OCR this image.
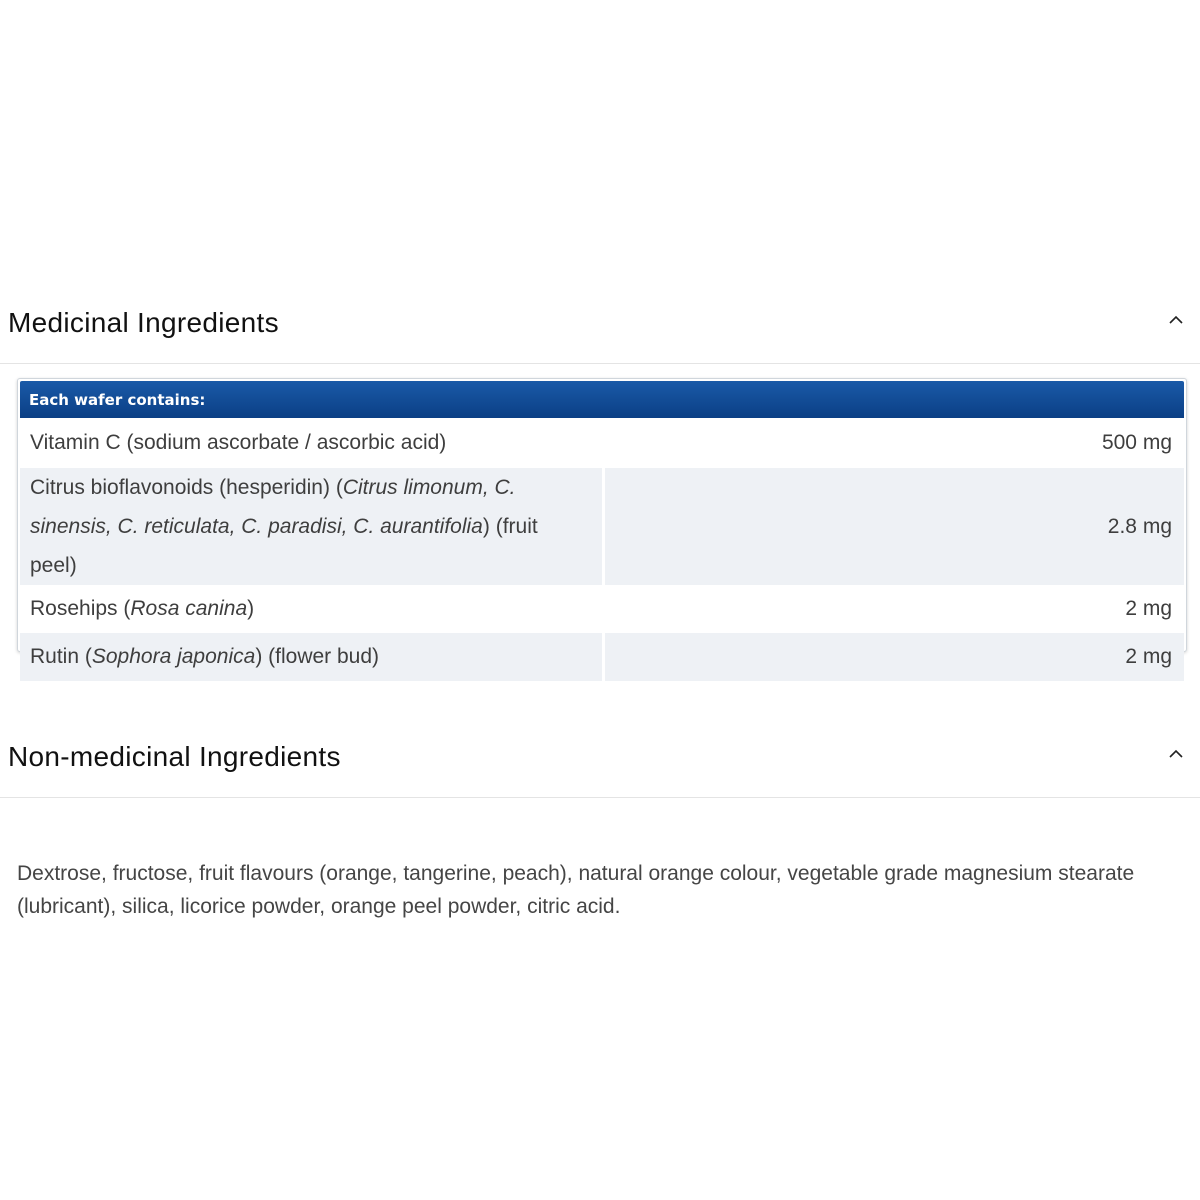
Medicinal Ingredients
Each wafer contains:	
Vitamin C (sodium ascorbate / ascorbic acid)	500 mg
Citrus bioflavonoids (hesperidin) (Citrus limonum, C. sinensis, C. reticulata, C. paradisi, C. aurantifolia) (fruit peel)	2.8 mg
Rosehips (Rosa canina)	2 mg
Rutin (Sophora japonica) (flower bud)	2 mg
Non-medicinal Ingredients

Dextrose, fructose, fruit flavours (orange, tangerine, peach), natural orange colour, vegetable grade magnesium stearate (lubricant), silica, licorice powder, orange peel powder, citric acid.
